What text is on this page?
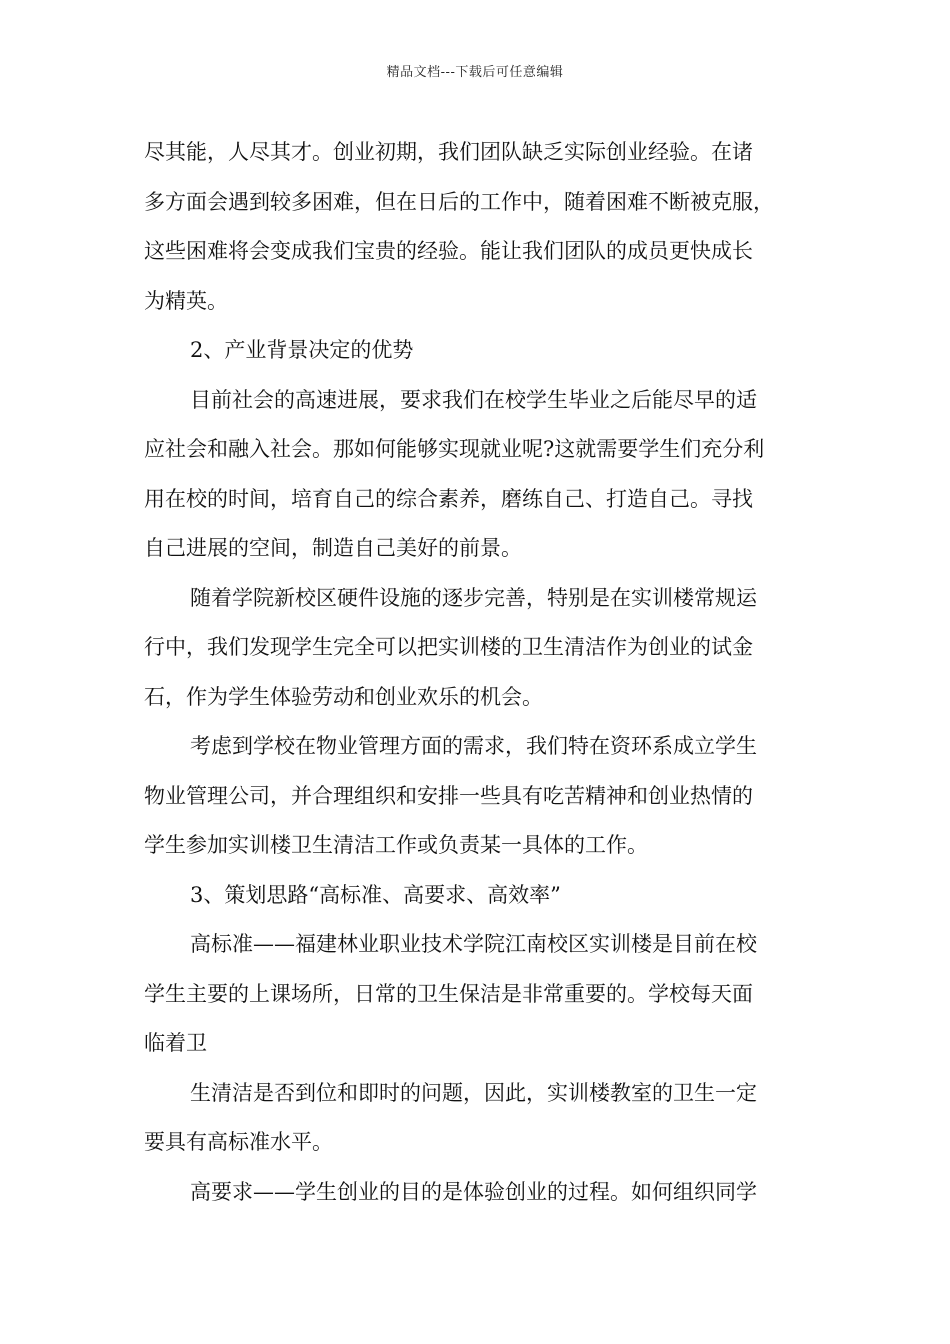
精品文档---下载后可任意编辑
尽其能，人尽其才。创业初期，我们团队缺乏实际创业经验。在诸
多方面会遇到较多困难，但在日后的工作中，随着困难不断被克服，
这些困难将会变成我们宝贵的经验。能让我们团队的成员更快成长
为精英。
2、产业背景决定的优势
目前社会的高速进展，要求我们在校学生毕业之后能尽早的适
应社会和融入社会。那如何能够实现就业呢?这就需要学生们充分利
用在校的时间，培育自己的综合素养，磨练自己、打造自己。寻找
自己进展的空间，制造自己美好的前景。
随着学院新校区硬件设施的逐步完善，特别是在实训楼常规运
行中，我们发现学生完全可以把实训楼的卫生清洁作为创业的试金
石，作为学生体验劳动和创业欢乐的机会。
考虑到学校在物业管理方面的需求，我们特在资环系成立学生
物业管理公司，并合理组织和安排一些具有吃苦精神和创业热情的
学生参加实训楼卫生清洁工作或负责某一具体的工作。
3、策划思路“高标准、高要求、高效率”
高标准——福建林业职业技术学院江南校区实训楼是目前在校
学生主要的上课场所，日常的卫生保洁是非常重要的。学校每天面
临着卫
生清洁是否到位和即时的问题，因此，实训楼教室的卫生一定
要具有高标准水平。
高要求——学生创业的目的是体验创业的过程。如何组织同学
